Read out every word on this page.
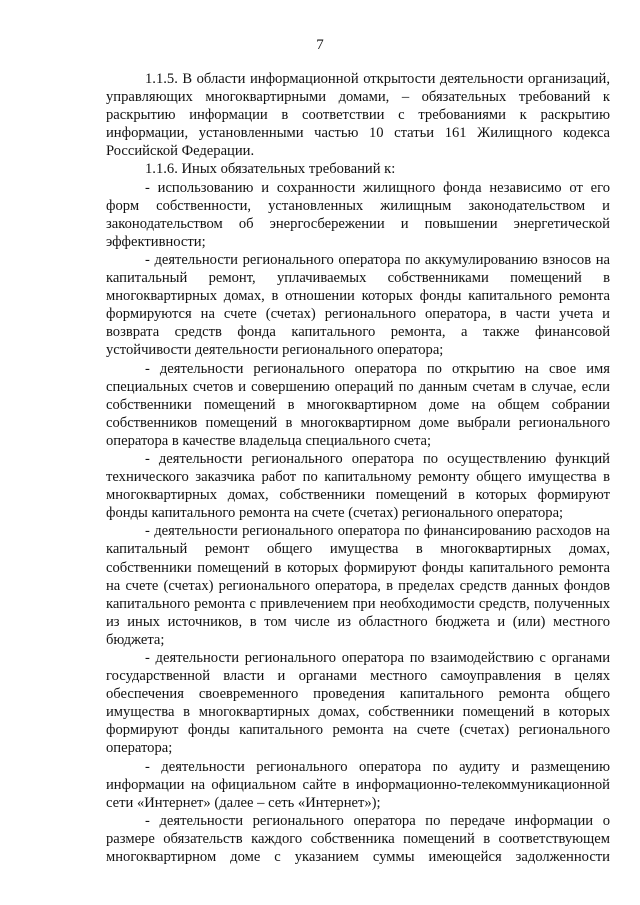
7

1.1.5. В области информационной открытости деятельности организаций, управляющих многоквартирными домами, – обязательных требований к раскрытию информации в соответствии с требованиями к раскрытию информации, установленными частью 10 статьи 161 Жилищного кодекса Российской Федерации.

1.1.6. Иных обязательных требований к:

- использованию и сохранности жилищного фонда независимо от его форм собственности, установленных жилищным законодательством и законодательством об энергосбережении и повышении энергетической эффективности;

- деятельности регионального оператора по аккумулированию взносов на капитальный ремонт, уплачиваемых собственниками помещений в многоквартирных домах, в отношении которых фонды капитального ремонта формируются на счете (счетах) регионального оператора, в части учета и возврата средств фонда капитального ремонта, а также финансовой устойчивости деятельности регионального оператора;

- деятельности регионального оператора по открытию на свое имя специальных счетов и совершению операций по данным счетам в случае, если собственники помещений в многоквартирном доме на общем собрании собственников помещений в многоквартирном доме выбрали регионального оператора в качестве владельца специального счета;

- деятельности регионального оператора по осуществлению функций технического заказчика работ по капитальному ремонту общего имущества в многоквартирных домах, собственники помещений в которых формируют фонды капитального ремонта на счете (счетах) регионального оператора;

- деятельности регионального оператора по финансированию расходов на капитальный ремонт общего имущества в многоквартирных домах, собственники помещений в которых формируют фонды капитального ремонта на счете (счетах) регионального оператора, в пределах средств данных фондов капитального ремонта с привлечением при необходимости средств, полученных из иных источников, в том числе из областного бюджета и (или) местного бюджета;

- деятельности регионального оператора по взаимодействию с органами государственной власти и органами местного самоуправления в целях обеспечения своевременного проведения капитального ремонта общего имущества в многоквартирных домах, собственники помещений в которых формируют фонды капитального ремонта на счете (счетах) регионального оператора;

- деятельности регионального оператора по аудиту и размещению информации на официальном сайте в информационно-телекоммуникационной сети «Интернет» (далее – сеть «Интернет»);

- деятельности регионального оператора по передаче информации о размере обязательств каждого собственника помещений в соответствующем многоквартирном доме с указанием суммы имеющейся задолженности
